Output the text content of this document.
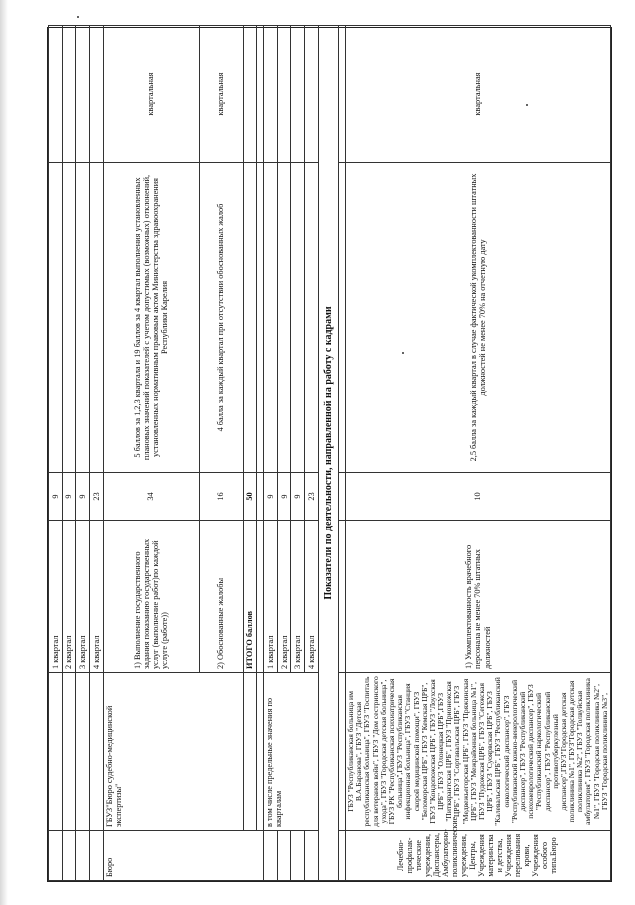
		1 квартал	9		
		2 квартал	9		
		3 квартал	9		
		4 квартал	23		
Бюро	ГБУЗ"Бюро судебно-медицинской экспертизы"	1) Выполнение государственного задания показанию государственных услуг (выполнение работ)по каждой услуге (работе))	34	5 баллов за 1,2,3 квартала и 19 баллов за 4 квартал выполнения установленных плановых значений показателей с учетом допустимых (возможных) отклонений, установленных нормативным правовым актом Министерства здравоохранения Республики Карелия	квартальная
		2) Обоснованные жалобы	16	4 балла за каждый квартал при отсутствии обоснованных жалоб	квартальная
		ИТОГО баллов	50		

	в том числе предельные значения по кварталам	1 квартал	9		
		2 квартал	9		
		3 квартал	9		
		4 квартал	23		
Показатели по деятельности, направленной на работу с кадрами					

Лечебно-профилак-тические учреждения, Диспансеры, Амбулаторно-поликлинические учреждения, Центры, Учреждения материнства и детства, Учреждения переливания крови, Учреждения особого типа.Бюро	ГБУЗ "Республиканская больница им В.А.Баранова", ГБУЗ "Детская республиканская больница", ГБУЗ "Госпиталь для ветеранов войн", ГБУЗ "Дом сестринского ухода", ГБУЗ "Городская детская больница", ГБУЗ РК "Республиканская психиатрическая больница",ГБУЗ "Республиканская инфекционная больница", ГБУЗ "Станция скорой медицинской помощи", ГБУЗ "Беломорская ЦРБ", ГБУЗ "Кемская ЦРБ", ГБУЗ "Кондопожская ЦРБ", ГБУЗ "Лоухская ЦРБ", ГБУЗ "Олонецкая ЦРБ",ГБУЗ "Питкярантская ЦРБ", ГБУЗ "Прионежская ЦРБ", ГБУЗ "Сортавальская ЦРБ", ГБУЗ "Медвежьегорская ЦРБ", ГБУЗ "Пряжинская ЦРБ", ГБУЗ "Межрайонная больница №1", ГБУЗ "Пудожская ЦРБ", ГБУЗ "Сегежская ЦРБ", ГБУЗ "Суоярвская ЦРБ", ГБУЗ "Калевальская ЦРБ", ГБУЗ "Республиканский онкологический диспансер", ГБУЗ "Республиканский кожно-венерологический диспансер", ГБУЗ "Республиканский психоневрологический диспансер", ГБУЗ "Республиканский наркологический диспансер", ГБУЗ "Республиканский противотуберкулезный диспансер",ГБУЗ"Городская детская поликлиника №1", ГБУЗ"Городская детская поликлиника №2", ГБУЗ "Толвуйская амбулатория", ГБУЗ "Городская поликлиника №1", ГБУЗ "Городская поликлиника №2", ГБУЗ "Городская поликлиника №3",	1) Укомплектованность врачебного персонала не менее 70% штатных должностей	10	2,5 балла за каждый квартал в случае фактической укомплектованности штатных должностей не менее 70% на отчетную дату	квартальная
